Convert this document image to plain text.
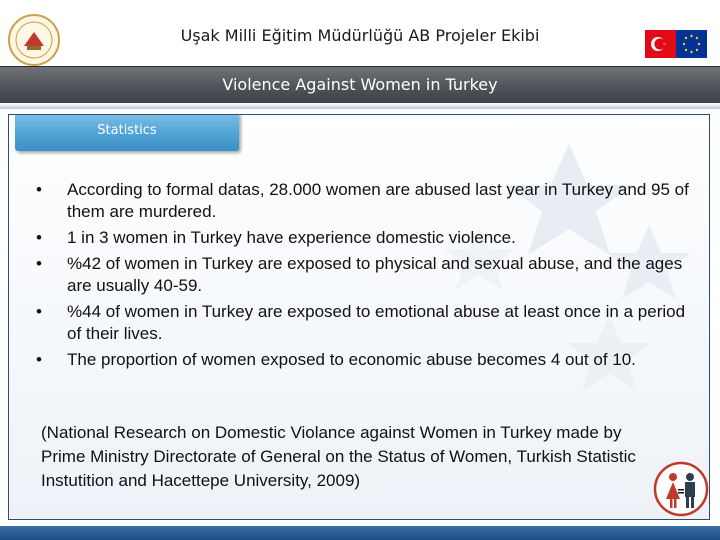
Uşak Milli Eğitim Müdürlüğü AB Projeler Ekibi
Violence Against Women in Turkey
Statistics
•	According to formal datas, 28.000 women are abused last year in Turkey and 95 of them are murdered.
•	1 in 3 women in Turkey have experience domestic violence.
•	%42 of women in Turkey are exposed to physical and sexual abuse, and the ages are usually 40-59.
•	%44 of women in Turkey are exposed to emotional abuse at least once in a period of their lives.
•	The proportion of women exposed to economic abuse becomes 4 out of 10.
(National Research on Domestic Violance against Women in Turkey made by Prime Ministry Directorate of General on the Status of Women, Turkish Statistic Instutition and Hacettepe University, 2009)
